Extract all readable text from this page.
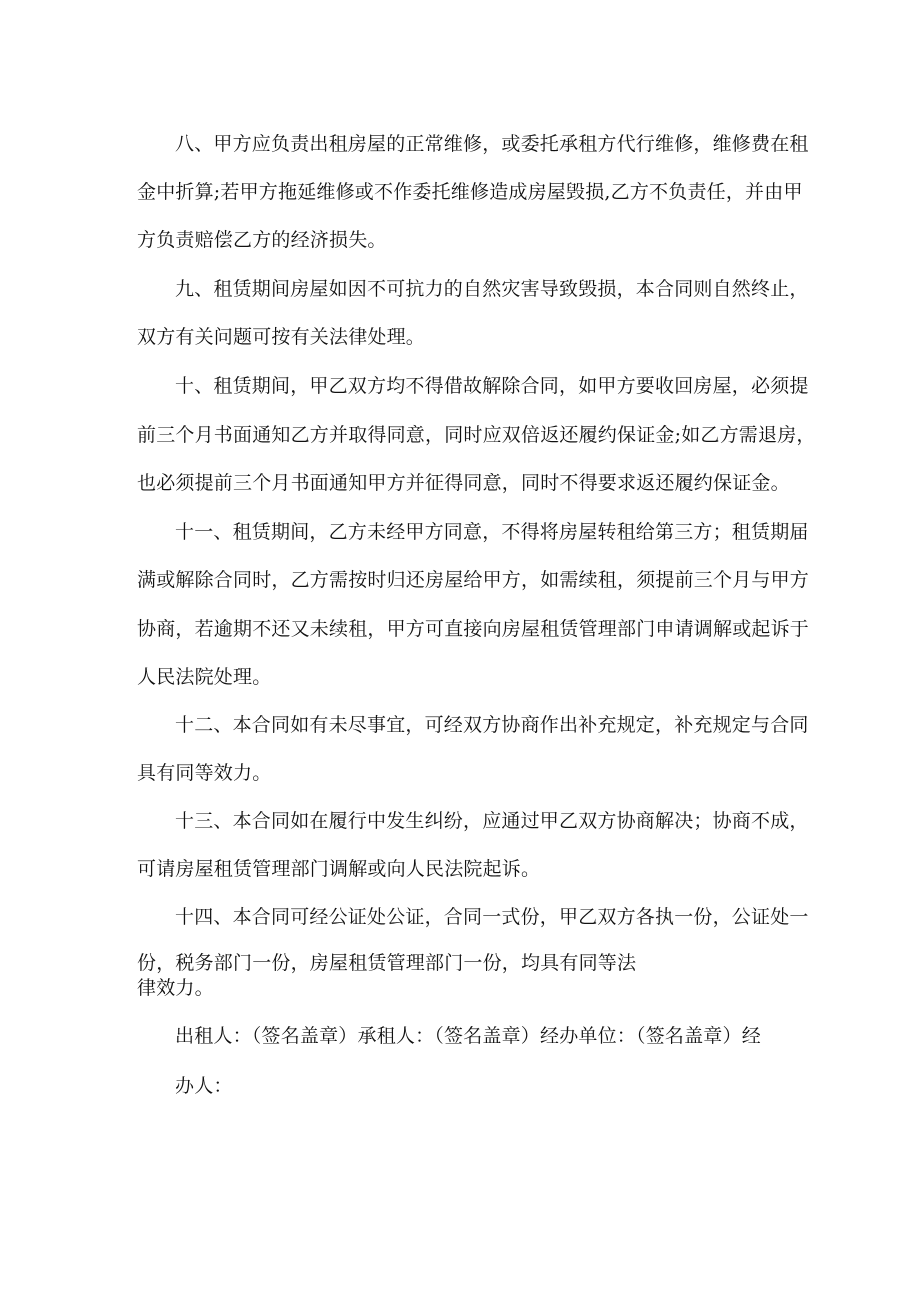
八、甲方应负责出租房屋的正常维修，或委托承租方代行维修，维修费在租
金中折算;若甲方拖延维修或不作委托维修造成房屋毁损,乙方不负责任，并由甲
方负责赔偿乙方的经济损失。
九、租赁期间房屋如因不可抗力的自然灾害导致毁损，本合同则自然终止，
双方有关问题可按有关法律处理。
十、租赁期间，甲乙双方均不得借故解除合同，如甲方要收回房屋，必须提
前三个月书面通知乙方并取得同意，同时应双倍返还履约保证金;如乙方需退房，
也必须提前三个月书面通知甲方并征得同意，同时不得要求返还履约保证金。
十一、租赁期间，乙方未经甲方同意，不得将房屋转租给第三方；租赁期届
满或解除合同时，乙方需按时归还房屋给甲方，如需续租，须提前三个月与甲方
协商，若逾期不还又未续租，甲方可直接向房屋租赁管理部门申请调解或起诉于
人民法院处理。
十二、本合同如有未尽事宜，可经双方协商作出补充规定，补充规定与合同
具有同等效力。
十三、本合同如在履行中发生纠纷，应通过甲乙双方协商解决；协商不成，
可请房屋租赁管理部门调解或向人民法院起诉。
十四、本合同可经公证处公证，合同一式份，甲乙双方各执一份，公证处一
份，税务部门一份，房屋租赁管理部门一份，均具有同等法
律效力。
出租人：（签名盖章）承租人：（签名盖章）经办单位：（签名盖章）经
办人：
